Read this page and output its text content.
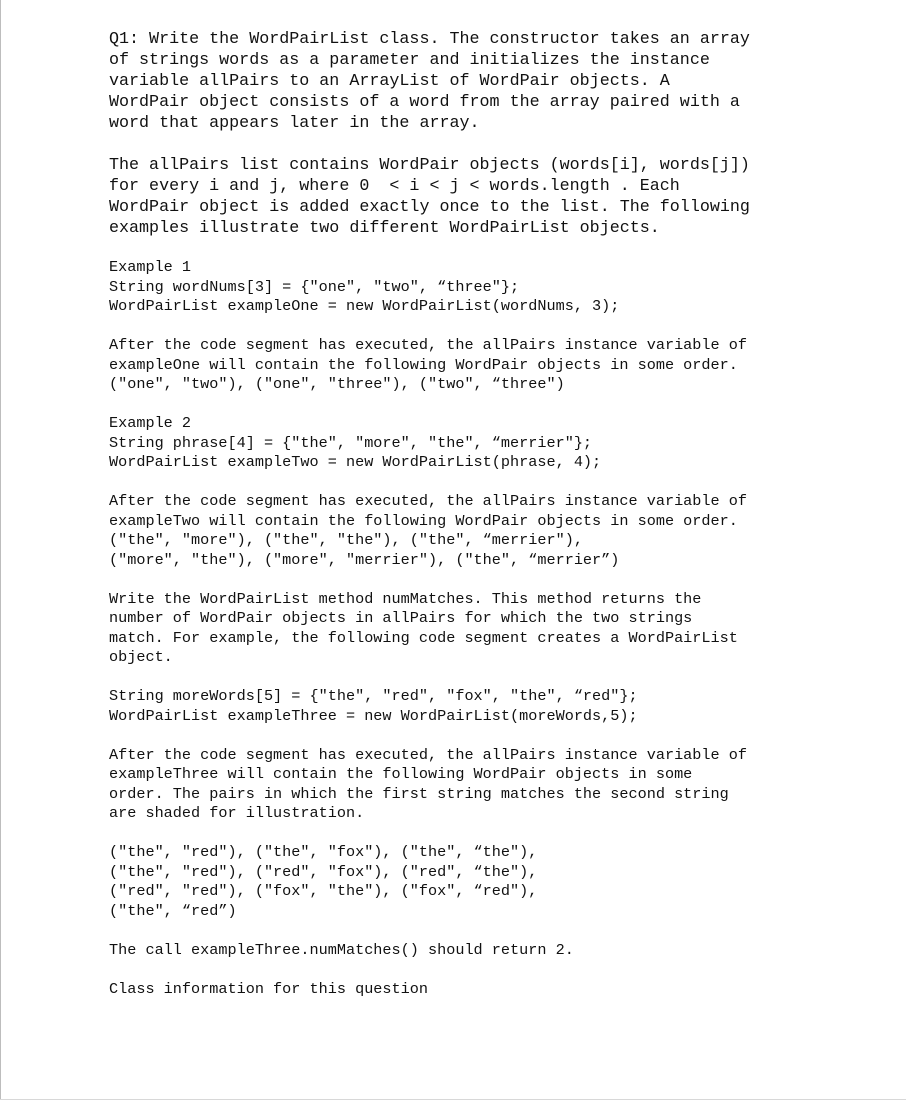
Q1: Write the WordPairList class. The constructor takes an array

of strings words as a parameter and initializes the instance

variable allPairs to an ArrayList of WordPair objects. A

WordPair object consists of a word from the array paired with a

word that appears later in the array.

The allPairs list contains WordPair objects (words[i], words[j])

for every i and j, where 0  < i < j < words.length . Each

WordPair object is added exactly once to the list. The following

examples illustrate two different WordPairList objects.

Example 1

String wordNums[3] = {"one", "two", “three"};

WordPairList exampleOne = new WordPairList(wordNums, 3);

After the code segment has executed, the allPairs instance variable of

exampleOne will contain the following WordPair objects in some order.

("one", "two"), ("one", "three"), ("two", “three")

Example 2

String phrase[4] = {"the", "more", "the", “merrier"};

WordPairList exampleTwo = new WordPairList(phrase, 4);

After the code segment has executed, the allPairs instance variable of

exampleTwo will contain the following WordPair objects in some order.

("the", "more"), ("the", "the"), ("the", “merrier"),

("more", "the"), ("more", "merrier"), ("the", “merrier”)

Write the WordPairList method numMatches. This method returns the

number of WordPair objects in allPairs for which the two strings

match. For example, the following code segment creates a WordPairList

object.

String moreWords[5] = {"the", "red", "fox", "the", “red"};

WordPairList exampleThree = new WordPairList(moreWords,5);

After the code segment has executed, the allPairs instance variable of

exampleThree will contain the following WordPair objects in some

order. The pairs in which the first string matches the second string

are shaded for illustration.

("the", "red"), ("the", "fox"), ("the", “the"),

("the", "red"), ("red", "fox"), ("red", “the"),

("red", "red"), ("fox", "the"), ("fox", “red"),

("the", “red”)

The call exampleThree.numMatches() should return 2.

Class information for this question
